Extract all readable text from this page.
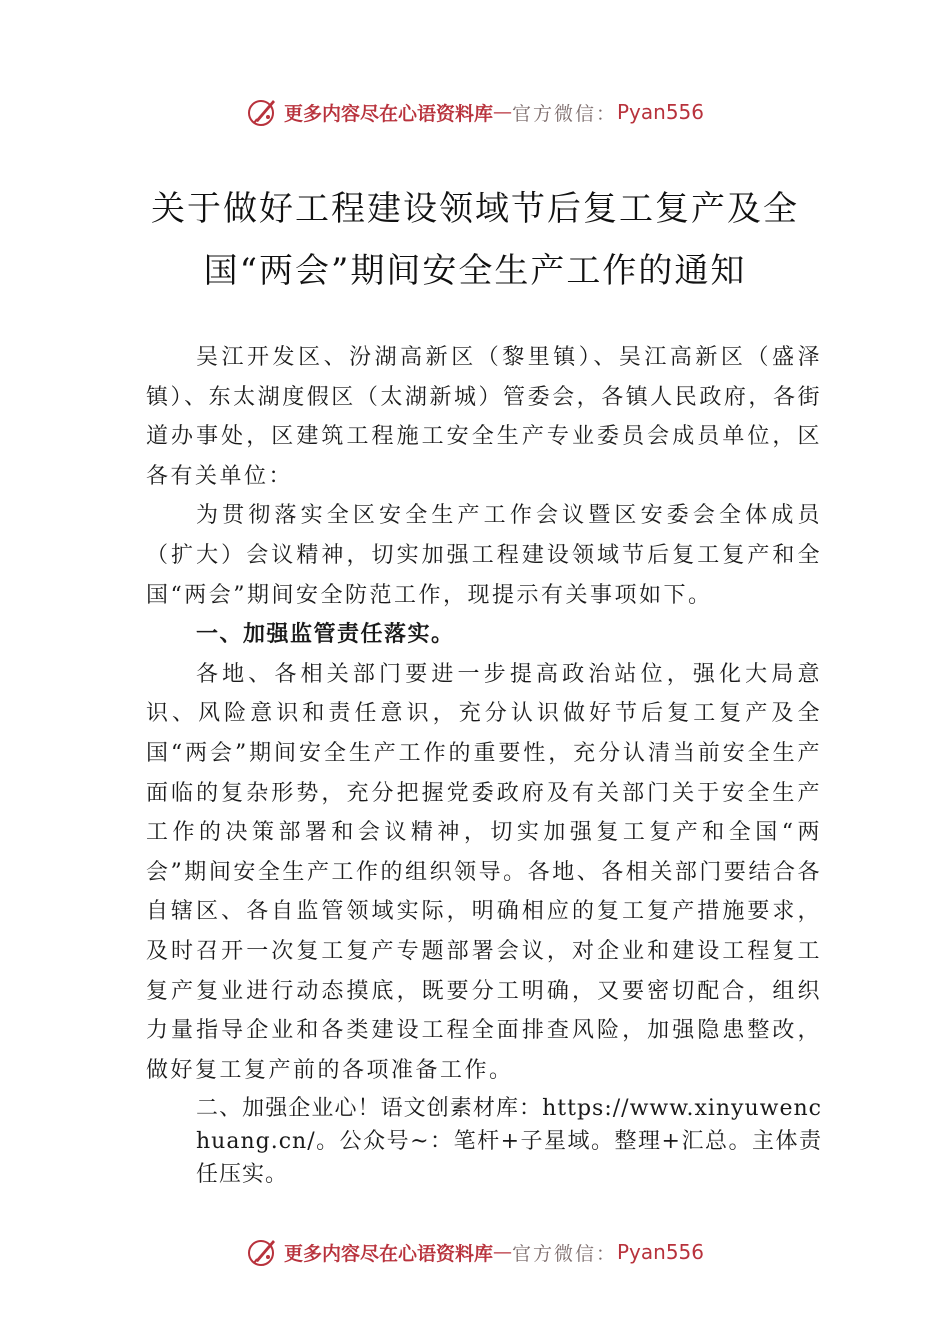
更多内容尽在心语资料库 — 官方微信： Pyan556
关于做好工程建设领域节后复工复产及全
国“两会”期间安全生产工作的通知

吴江开发区、汾湖高新区（黎里镇）、吴江高新区（盛泽镇）、东太湖度假区（太湖新城）管委会，各镇人民政府，各街道办事处，区建筑工程施工安全生产专业委员会成员单位，区各有关单位：

为贯彻落实全区安全生产工作会议暨区安委会全体成员（扩大）会议精神，切实加强工程建设领域节后复工复产和全国“两会”期间安全防范工作，现提示有关事项如下。

一、加强监管责任落实。

各地、各相关部门要进一步提高政治站位，强化大局意识、风险意识和责任意识，充分认识做好节后复工复产及全国“两会”期间安全生产工作的重要性，充分认清当前安全生产面临的复杂形势，充分把握党委政府及有关部门关于安全生产工作的决策部署和会议精神，切实加强复工复产和全国“两会”期间安全生产工作的组织领导。各地、各相关部门要结合各自辖区、各自监管领域实际，明确相应的复工复产措施要求，及时召开一次复工复产专题部署会议，对企业和建设工程复工复产复业进行动态摸底，既要分工明确，又要密切配合，组织力量指导企业和各类建设工程全面排查风险，加强隐患整改，做好复工复产前的各项准备工作。

二、加强企业心！语文创素材库：https://www.xinyuwenchuang.cn/。公众号~：笔杆+子星域。整理+汇总。主体责任压实。

更多内容尽在心语资料库 — 官方微信： Pyan556
